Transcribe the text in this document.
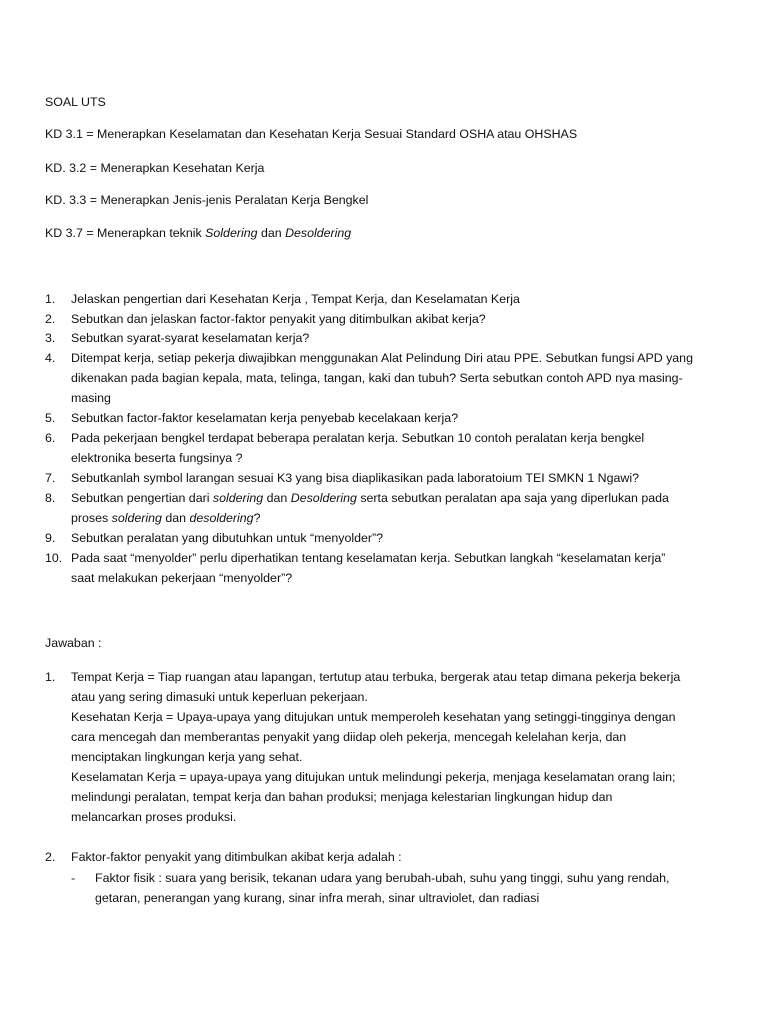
SOAL UTS
KD 3.1 = Menerapkan Keselamatan dan Kesehatan Kerja Sesuai Standard OSHA atau OHSHAS
KD. 3.2 = Menerapkan Kesehatan Kerja
KD. 3.3 = Menerapkan Jenis-jenis Peralatan Kerja Bengkel
KD 3.7 = Menerapkan teknik Soldering dan Desoldering
1. Jelaskan pengertian dari Kesehatan Kerja , Tempat Kerja, dan Keselamatan Kerja
2. Sebutkan dan jelaskan factor-faktor penyakit yang ditimbulkan akibat kerja?
3. Sebutkan syarat-syarat keselamatan kerja?
4. Ditempat kerja, setiap pekerja diwajibkan menggunakan Alat Pelindung Diri atau PPE. Sebutkan fungsi APD yang
dikenakan pada bagian kepala, mata, telinga, tangan, kaki dan tubuh? Serta sebutkan contoh APD nya masing-
masing
5. Sebutkan factor-faktor keselamatan kerja penyebab kecelakaan kerja?
6. Pada pekerjaan bengkel terdapat beberapa peralatan kerja. Sebutkan 10 contoh peralatan kerja bengkel
elektronika beserta fungsinya ?
7. Sebutkanlah symbol larangan sesuai K3 yang bisa diaplikasikan pada laboratoium TEI SMKN 1 Ngawi?
8. Sebutkan pengertian dari soldering dan Desoldering serta sebutkan peralatan apa saja yang diperlukan pada
proses soldering dan desoldering?
9. Sebutkan peralatan yang dibutuhkan untuk “menyolder”?
10. Pada saat “menyolder” perlu diperhatikan tentang keselamatan kerja. Sebutkan langkah “keselamatan kerja”
saat melakukan pekerjaan “menyolder”?
Jawaban :
1. Tempat Kerja = Tiap ruangan atau lapangan, tertutup atau terbuka, bergerak atau tetap dimana pekerja bekerja
atau yang sering dimasuki untuk keperluan pekerjaan.
Kesehatan Kerja = Upaya-upaya yang ditujukan untuk memperoleh kesehatan yang setinggi-tingginya dengan
cara mencegah dan memberantas penyakit yang diidap oleh pekerja, mencegah kelelahan kerja, dan
menciptakan lingkungan kerja yang sehat.
Keselamatan Kerja = upaya-upaya yang ditujukan untuk melindungi pekerja, menjaga keselamatan orang lain;
melindungi peralatan, tempat kerja dan bahan produksi; menjaga kelestarian lingkungan hidup dan
melancarkan proses produksi.
2. Faktor-faktor penyakit yang ditimbulkan akibat kerja adalah :
- Faktor fisik : suara yang berisik, tekanan udara yang berubah-ubah, suhu yang tinggi, suhu yang rendah,
getaran, penerangan yang kurang, sinar infra merah, sinar ultraviolet, dan radiasi
